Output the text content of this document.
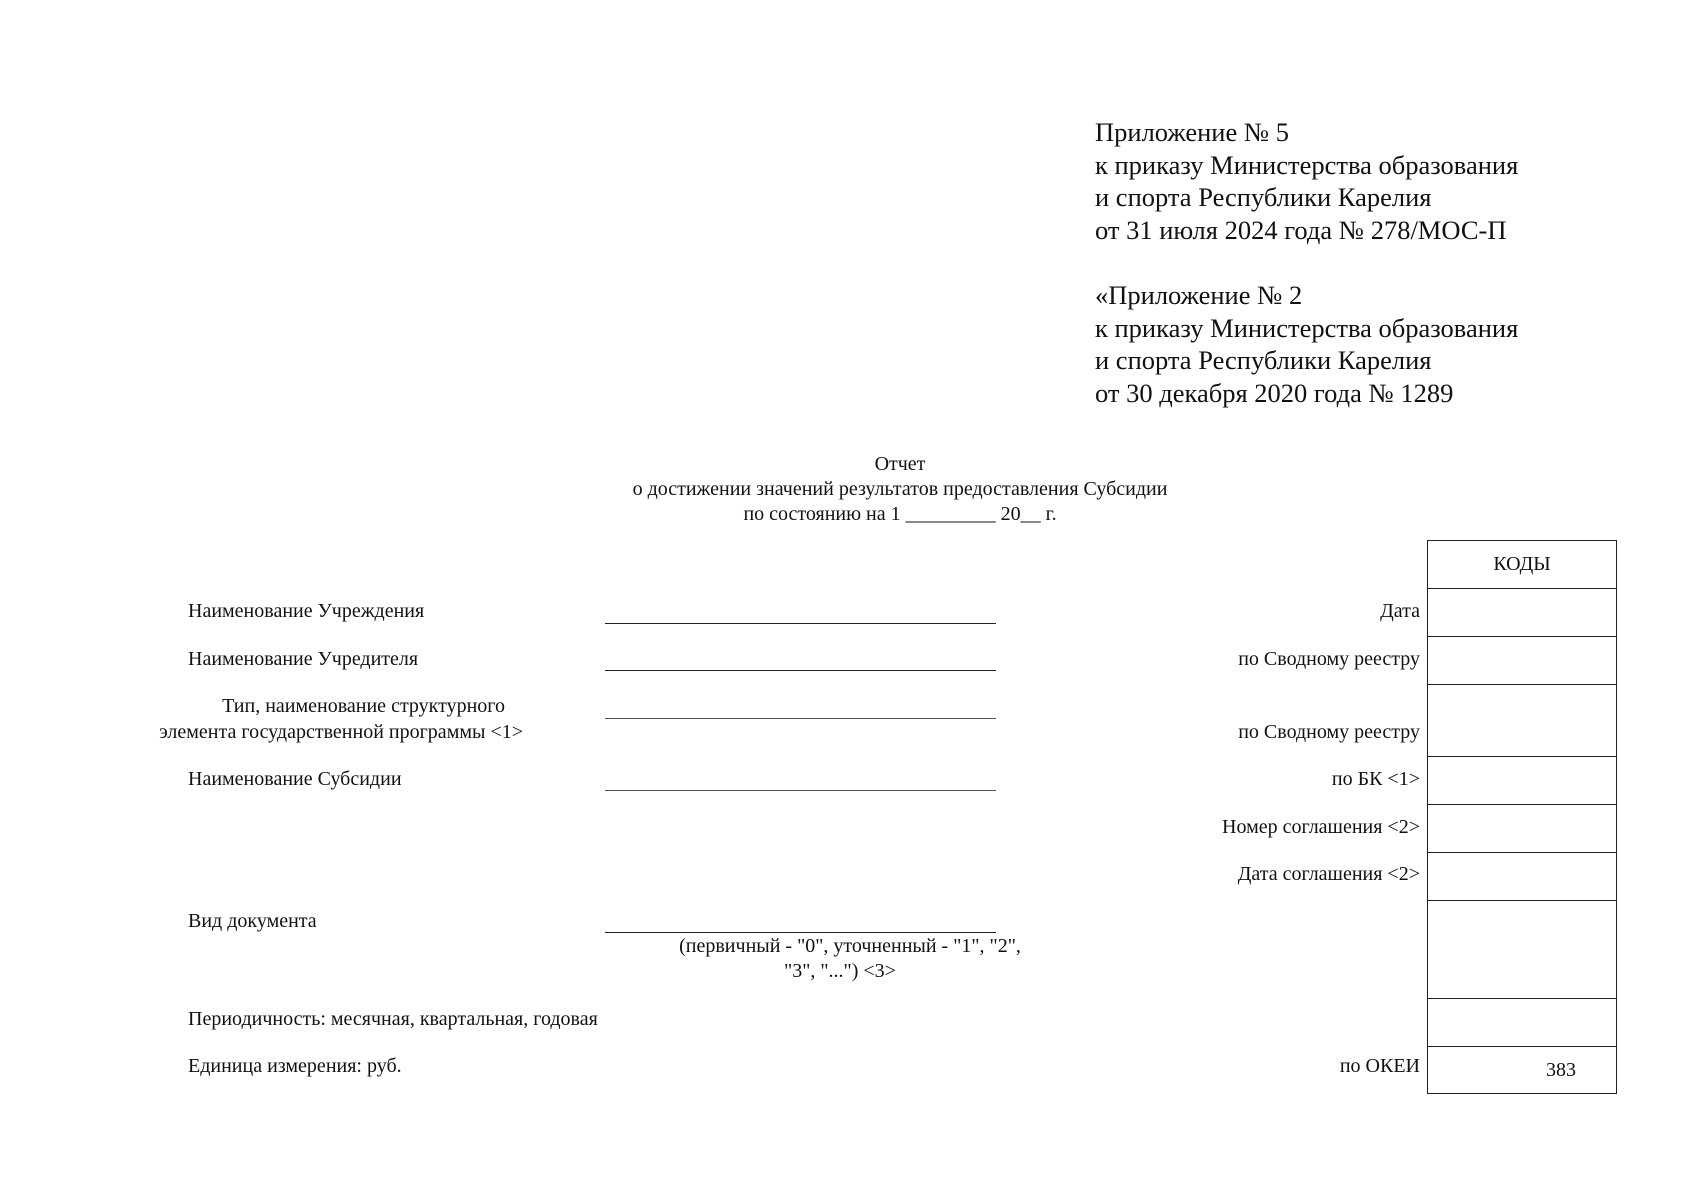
Приложение № 5
к приказу Министерства образования
и спорта Республики Карелия
от 31 июля 2024 года № 278/МОС-П
«Приложение № 2
к приказу Министерства образования
и спорта Республики Карелия
от 30 декабря 2020 года № 1289
Отчет
о достижении значений результатов предоставления Субсидии
по состоянию на 1 _________ 20__ г.
Наименование Учреждения
Наименование Учредителя
Тип, наименование структурного
элемента государственной программы <1>
Наименование Субсидии
Вид документа
Периодичность: месячная, квартальная, годовая
Единица измерения: руб.
(первичный - "0", уточненный - "1", "2",
"3", "...") <3>
Дата
по Сводному реестру
по Сводному реестру
по БК <1>
Номер соглашения <2>
Дата соглашения <2>
по ОКЕИ
КОДЫ
383
